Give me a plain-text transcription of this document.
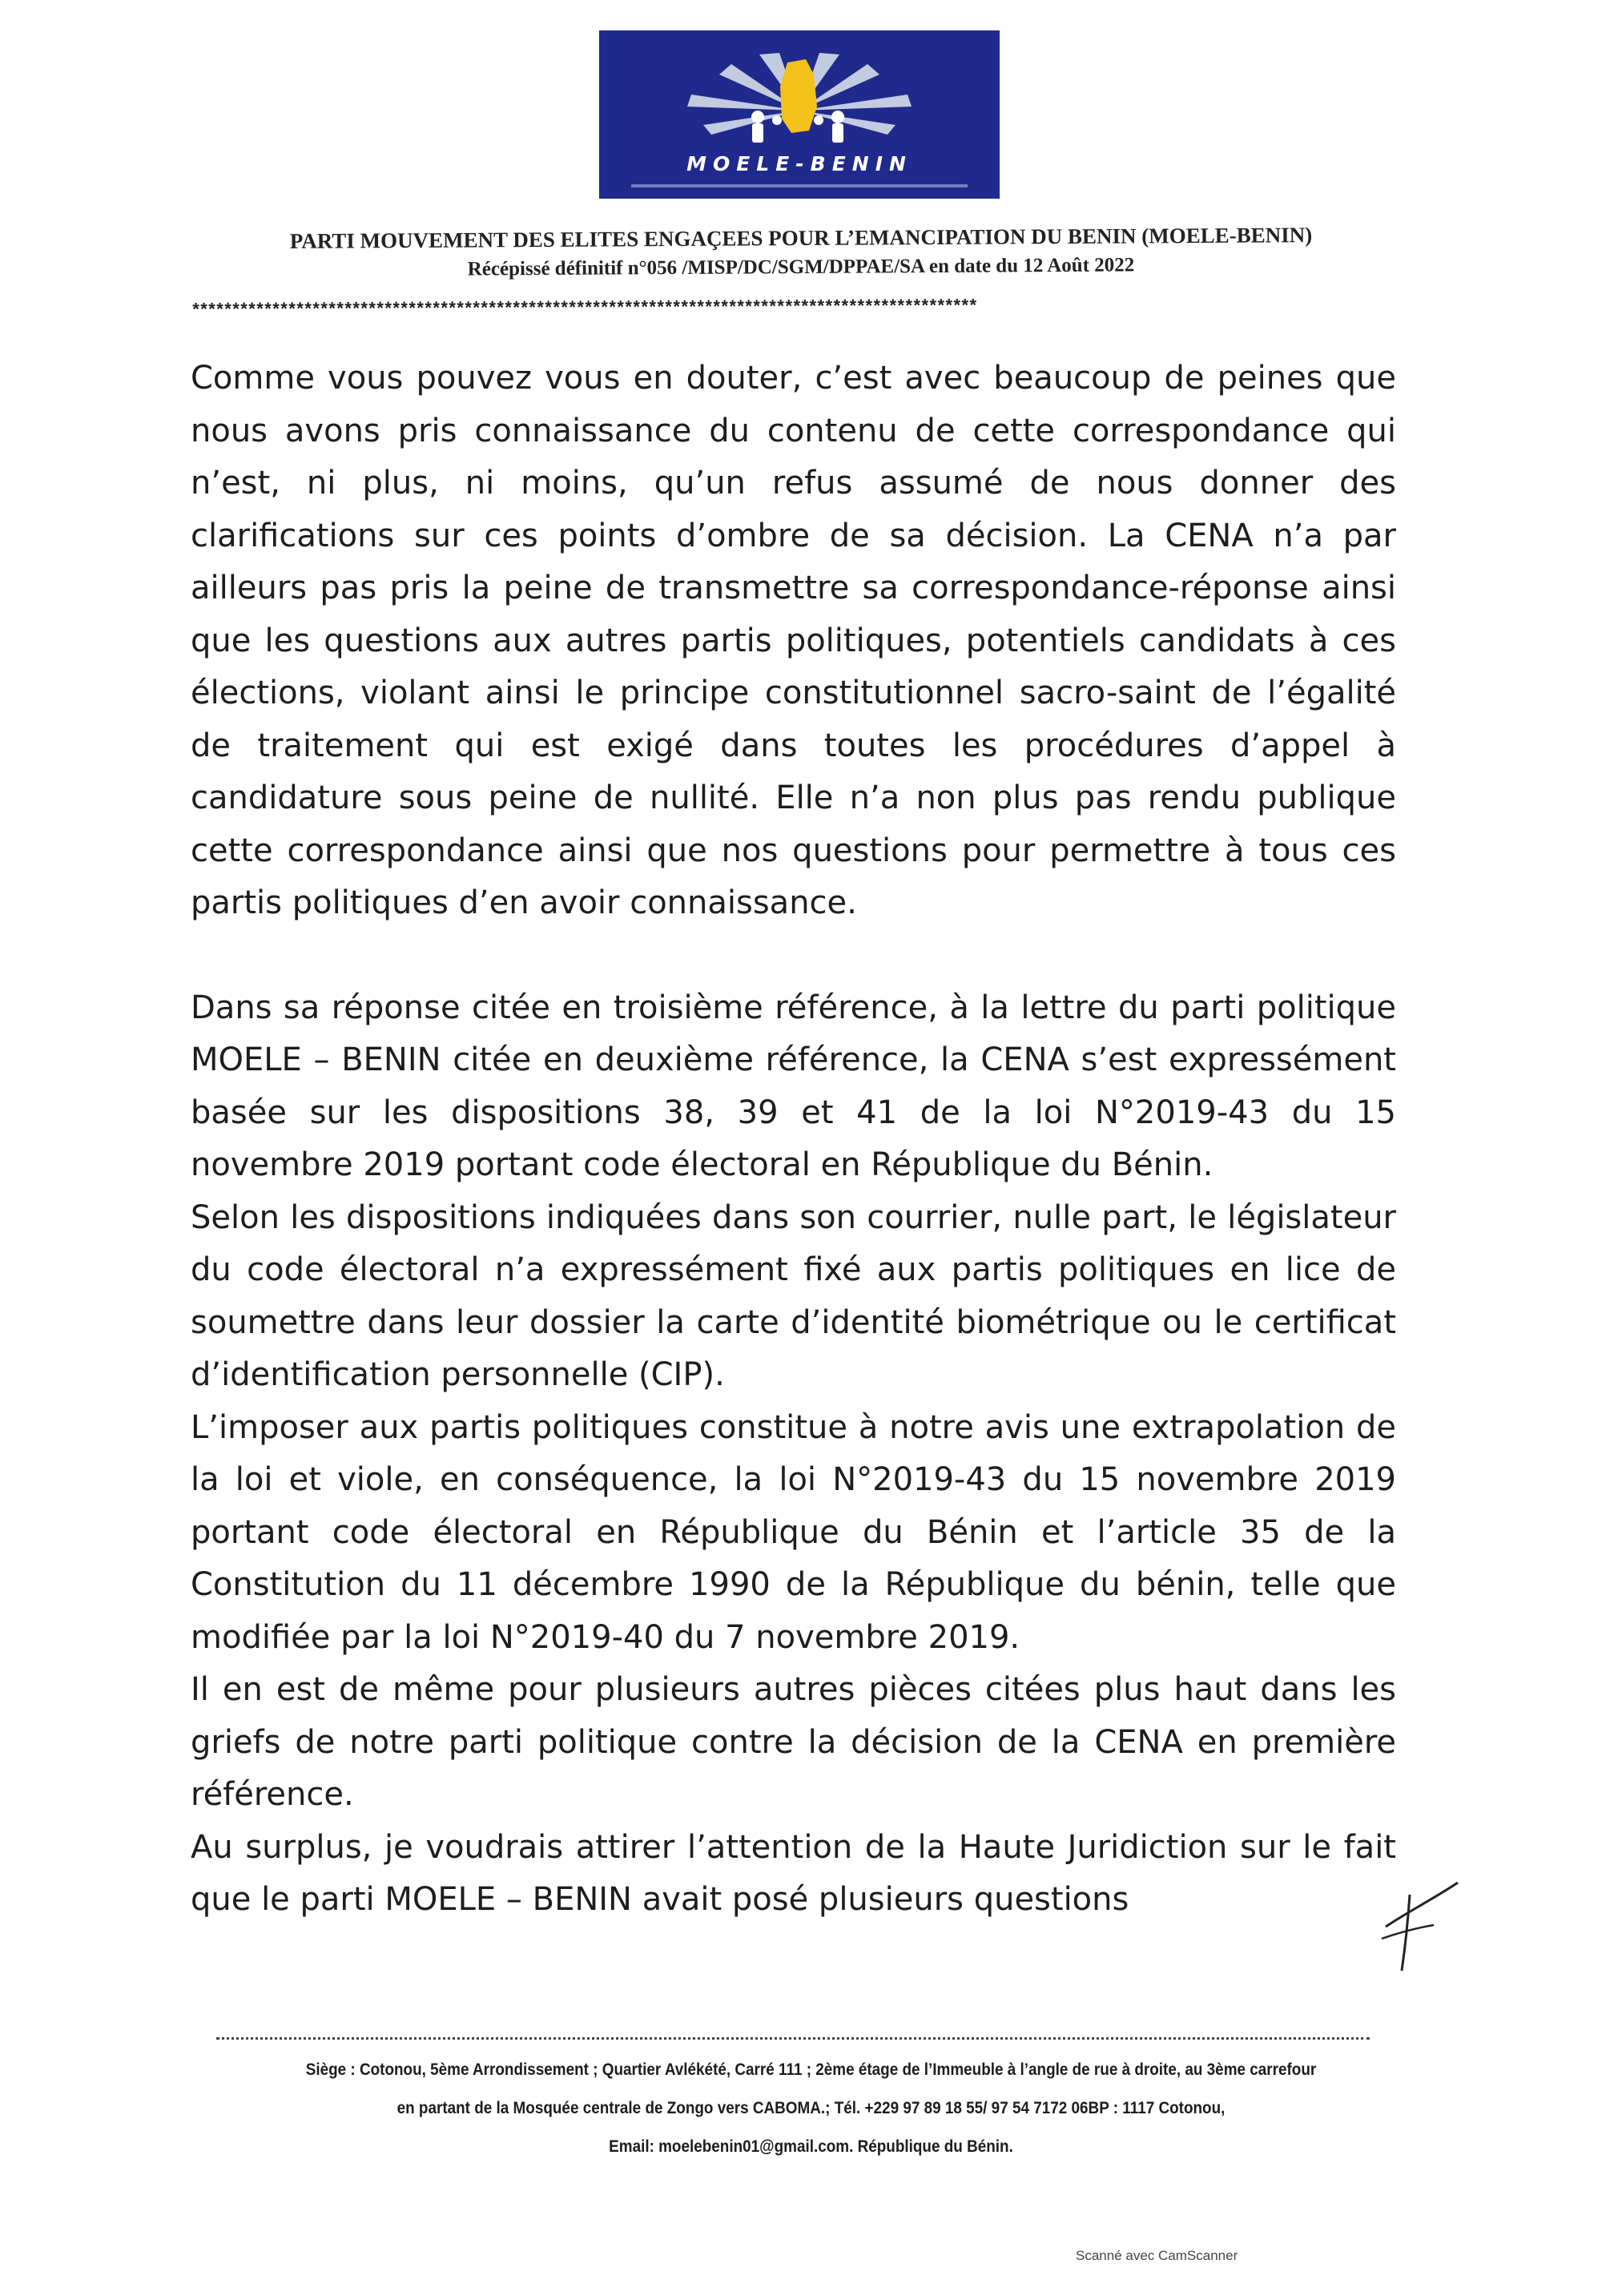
MOELE-BENIN
PARTI MOUVEMENT DES ELITES ENGAÇEES POUR L’EMANCIPATION DU BENIN (MOELE-BENIN)
Récépissé définitif n°056 /MISP/DC/SGM/DPPAE/SA en date du 12 Août 2022
**************************************************************************************************

Comme vous pouvez vous en douter, c’est avec beaucoup de peines que nous avons pris connaissance du contenu de cette correspondance qui n’est, ni plus, ni moins, qu’un refus assumé de nous donner des clarifications sur ces points d’ombre de sa décision. La CENA n’a par ailleurs pas pris la peine de transmettre sa correspondance-réponse ainsi que les questions aux autres partis politiques, potentiels candidats à ces élections, violant ainsi le principe constitutionnel sacro-saint de l’égalité de traitement qui est exigé dans toutes les procédures d’appel à candidature sous peine de nullité. Elle n’a non plus pas rendu publique cette correspondance ainsi que nos questions pour permettre à tous ces partis politiques d’en avoir connaissance.

Dans sa réponse citée en troisième référence, à la lettre du parti politique MOELE – BENIN citée en deuxième référence, la CENA s’est expressément basée sur les dispositions 38, 39 et 41 de la loi N°2019-43 du 15 novembre 2019 portant code électoral en République du Bénin.

Selon les dispositions indiquées dans son courrier, nulle part, le législateur du code électoral n’a expressément fixé aux partis politiques en lice de soumettre dans leur dossier la carte d’identité biométrique ou le certificat d’identification personnelle (CIP).

L’imposer aux partis politiques constitue à notre avis une extrapolation de la loi et viole, en conséquence, la loi N°2019-43 du 15 novembre 2019 portant code électoral en République du Bénin et l’article 35 de la Constitution du 11 décembre 1990 de la République du bénin, telle que modifiée par la loi N°2019-40 du 7 novembre 2019.

Il en est de même pour plusieurs autres pièces citées plus haut dans les griefs de notre parti politique contre la décision de la CENA en première référence.

Au surplus, je voudrais attirer l’attention de la Haute Juridiction sur le fait que le parti MOELE – BENIN avait posé plusieurs questions

Siège : Cotonou, 5ème Arrondissement ; Quartier Avlékété, Carré 111 ; 2ème étage de l’Immeuble à l’angle de rue à droite, au 3ème carrefour
en partant de la Mosquée centrale de Zongo vers CABOMA.; Tél. +229 97 89 18 55/ 97 54 7172 06BP : 1117 Cotonou,
Email: moelebenin01@gmail.com. République du Bénin.
Scanné avec CamScanner
